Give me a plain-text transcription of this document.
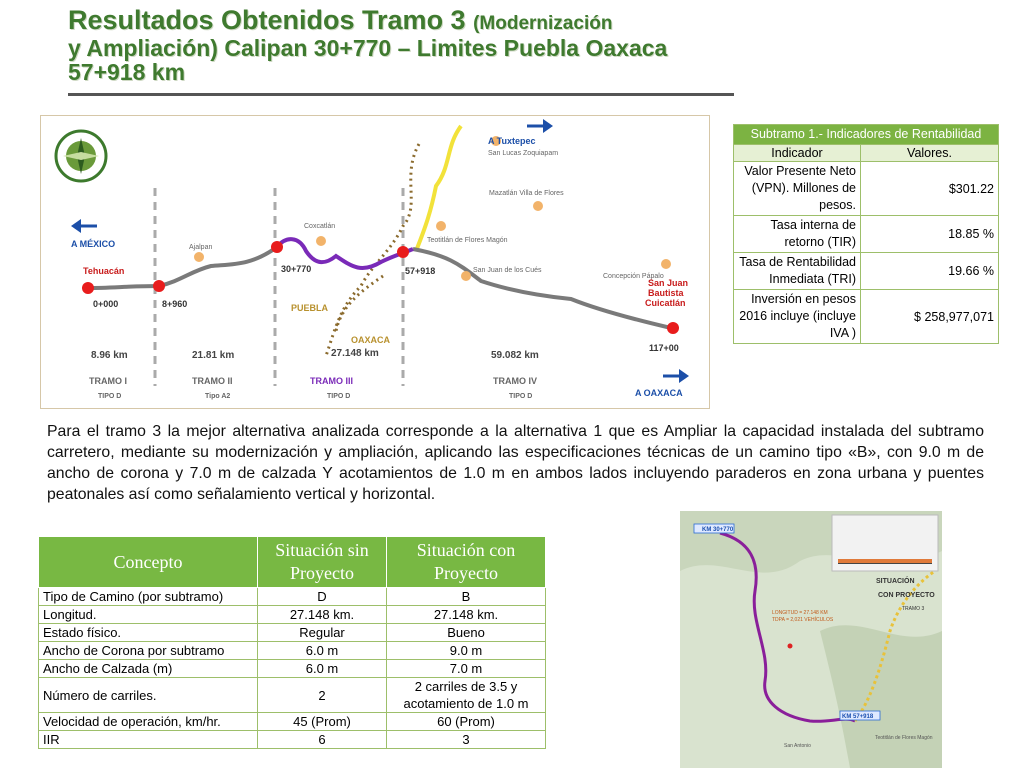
Resultados Obtenidos Tramo 3 (Modernización
y Ampliación) Calipan 30+770 – Limites Puebla Oaxaca
57+918 km
A Tuxtepec
A MÉXICO
A OAXACA
Tehuacán
San Juan
Bautista
Cuicatlán
Ajalpan
Coxcatlán
San Lucas Zoquiapam
Mazatlán Villa de Flores
Teotitlán de Flores Magón
San Juan de los Cués
Concepción Pápalo
0+000	8+960
30+770	57+918
117+00
PUEBLA
OAXACA
8.96 km	21.81 km	27.148 km	59.082 km
TRAMO I	TRAMO II	TRAMO III	TRAMO IV
TIPO D	Tipo A2	TIPO D	TIPO D
Subtramo 1.- Indicadores de Rentabilidad	
Indicador	Valores.
Valor Presente Neto (VPN). Millones de pesos.	$301.22
Tasa interna de retorno (TIR)	18.85 %
Tasa de Rentabilidad Inmediata (TRI)	19.66 %
Inversión en pesos 2016 incluye (incluye IVA )	$ 258,977,071
Para el tramo 3 la mejor alternativa analizada corresponde a la alternativa 1 que es Ampliar la capacidad instalada del subtramo carretero, mediante su modernización y ampliación, aplicando las especificaciones técnicas de un camino tipo «B», con 9.0 m de ancho de corona y 7.0 m de calzada Y acotamientos de 1.0 m en ambos lados incluyendo paraderos en zona urbana y puentes peatonales así como señalamiento vertical y horizontal.
Concepto	Situación sin Proyecto	Situación con Proyecto
Tipo de Camino (por subtramo)	D	B
Longitud.	27.148 km.	27.148 km.
Estado físico.	Regular	Bueno
Ancho de Corona por subtramo	6.0 m	9.0 m
Ancho de Calzada (m)	6.0 m	7.0 m
Número de carriles.	2	2 carriles de 3.5 y acotamiento de 1.0 m
Velocidad de operación, km/hr.	45 (Prom)	60 (Prom)
IIR	6	3
KM 30+770
KM 57+918
SITUACIÓN
CON PROYECTO
TRAMO 3
LONGITUD = 27.148 KM
TDPA = 2,021 VEHÍCULOS
Teotitlán de Flores Magón
San Antonio
